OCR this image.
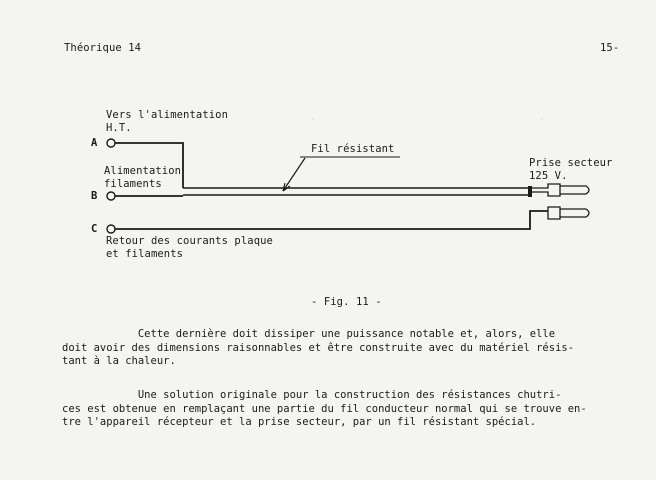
.                                       .
Théorique 14	15-
Vers l'alimentation
H.T.
A
Alimentation
filaments
B
Fil résistant
Prise secteur
125 V.
C
Retour des courants plaque
et filaments
- Fig. 11 -
Cette dernière doit dissiper une puissance notable et, alors, elle
doit avoir des dimensions raisonnables et être construite avec du matériel résis-
tant à la chaleur.
Une solution originale pour la construction des résistances chutri-
ces est obtenue en remplaçant une partie du fil conducteur normal qui se trouve en-
tre l'appareil récepteur et la prise secteur, par un fil résistant spécial.
